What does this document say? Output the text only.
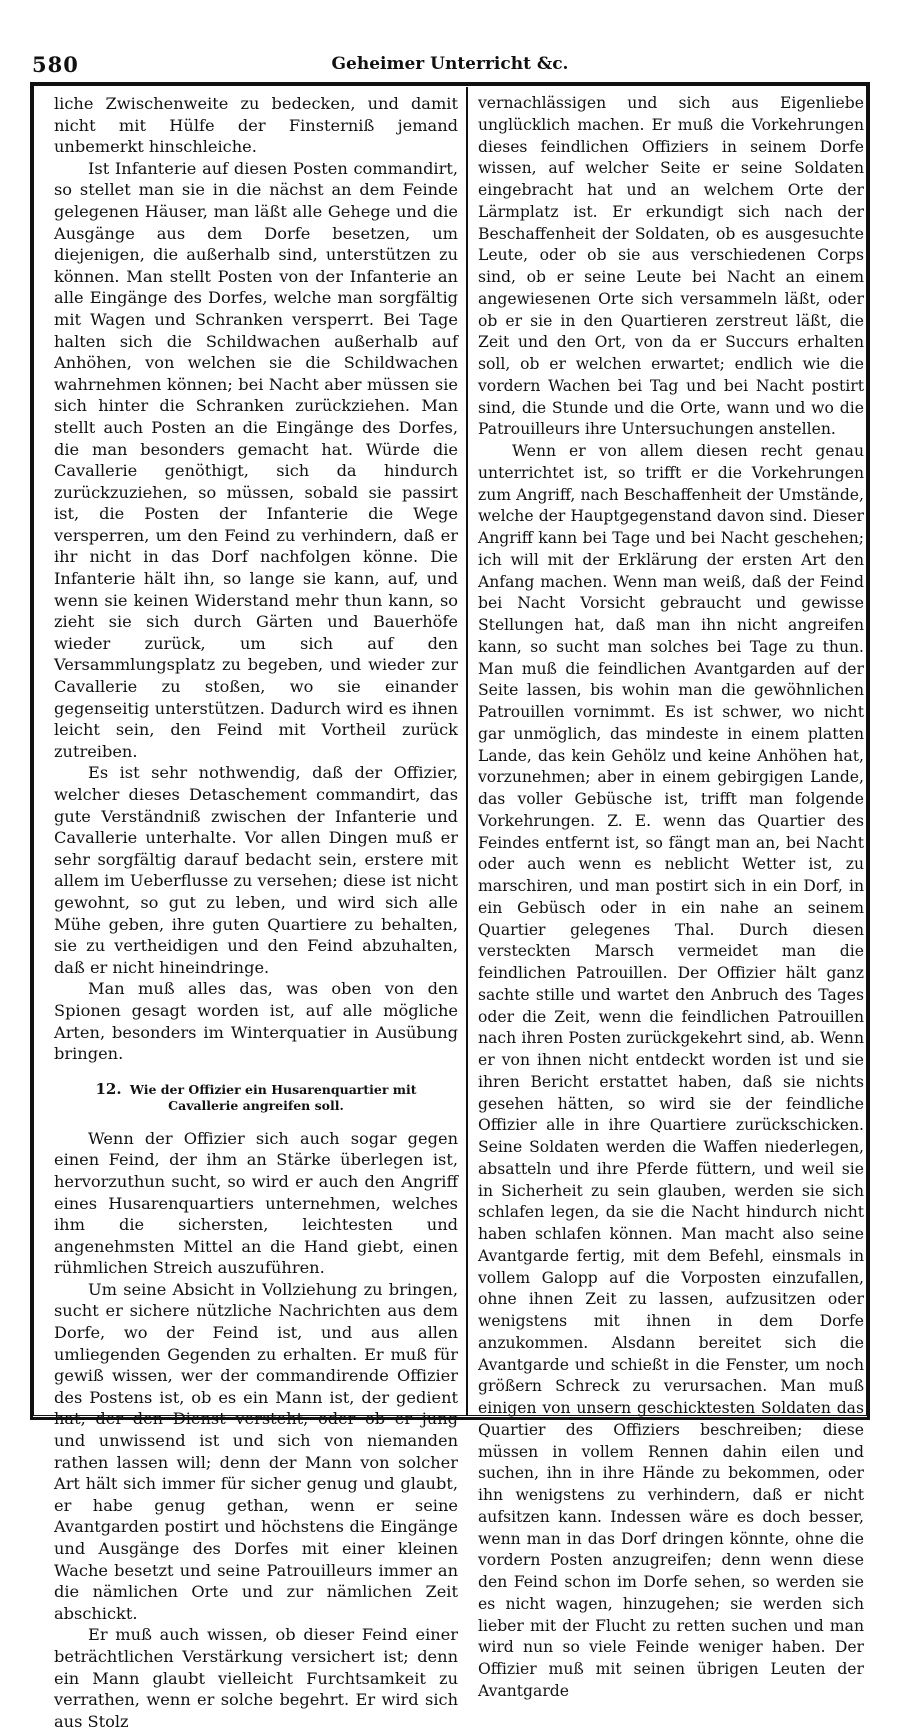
580	Geheimer Unterricht &c.

liche Zwischenweite zu bedecken, und damit nicht mit Hülfe der Finsterniß jemand unbemerkt hinschleiche.

Ist Infanterie auf diesen Posten commandirt, so stellet man sie in die nächst an dem Feinde gelegenen Häuser, man läßt alle Gehege und die Ausgänge aus dem Dorfe besetzen, um diejenigen, die außerhalb sind, unterstützen zu können. Man stellt Posten von der Infanterie an alle Eingänge des Dorfes, welche man sorgfältig mit Wagen und Schranken versperrt. Bei Tage halten sich die Schildwachen außerhalb auf Anhöhen, von welchen sie die Schildwachen wahrnehmen können; bei Nacht aber müssen sie sich hinter die Schranken zurückziehen. Man stellt auch Posten an die Eingänge des Dorfes, die man besonders gemacht hat. Würde die Cavallerie genöthigt, sich da hindurch zurückzuziehen, so müssen, sobald sie passirt ist, die Posten der Infanterie die Wege versperren, um den Feind zu verhindern, daß er ihr nicht in das Dorf nachfolgen könne. Die Infanterie hält ihn, so lange sie kann, auf, und wenn sie keinen Widerstand mehr thun kann, so zieht sie sich durch Gärten und Bauerhöfe wieder zurück, um sich auf den Versammlungsplatz zu begeben, und wieder zur Cavallerie zu stoßen, wo sie einander gegenseitig unterstützen. Dadurch wird es ihnen leicht sein, den Feind mit Vortheil zurück zutreiben.

Es ist sehr nothwendig, daß der Offizier, welcher dieses Detaschement commandirt, das gute Verständniß zwischen der Infanterie und Cavallerie unterhalte. Vor allen Dingen muß er sehr sorgfältig darauf bedacht sein, erstere mit allem im Ueberflusse zu versehen; diese ist nicht gewohnt, so gut zu leben, und wird sich alle Mühe geben, ihre guten Quartiere zu behalten, sie zu vertheidigen und den Feind abzuhalten, daß er nicht hineindringe.

Man muß alles das, was oben von den Spionen gesagt worden ist, auf alle mögliche Arten, besonders im Winterquatier in Ausübung bringen.

12. Wie der Offizier ein Husarenquartier mit Cavallerie angreifen soll.

Wenn der Offizier sich auch sogar gegen einen Feind, der ihm an Stärke überlegen ist, hervorzuthun sucht, so wird er auch den Angriff eines Husarenquartiers unternehmen, welches ihm die sichersten, leichtesten und angenehmsten Mittel an die Hand giebt, einen rühmlichen Streich auszuführen.

Um seine Absicht in Vollziehung zu bringen, sucht er sichere nützliche Nachrichten aus dem Dorfe, wo der Feind ist, und aus allen umliegenden Gegenden zu erhalten. Er muß für gewiß wissen, wer der commandirende Offizier des Postens ist, ob es ein Mann ist, der gedient hat, der den Dienst versteht, oder ob er jung und unwissend ist und sich von niemanden rathen lassen will; denn der Mann von solcher Art hält sich immer für sicher genug und glaubt, er habe genug gethan, wenn er seine Avantgarden postirt und höchstens die Eingänge und Ausgänge des Dorfes mit einer kleinen Wache besetzt und seine Patrouilleurs immer an die nämlichen Orte und zur nämlichen Zeit abschickt.

Er muß auch wissen, ob dieser Feind einer beträchtlichen Verstärkung versichert ist; denn ein Mann glaubt vielleicht Furchtsamkeit zu verrathen, wenn er solche begehrt. Er wird sich aus Stolz

vernachlässigen und sich aus Eigenliebe unglücklich machen. Er muß die Vorkehrungen dieses feindlichen Offiziers in seinem Dorfe wissen, auf welcher Seite er seine Soldaten eingebracht hat und an welchem Orte der Lärmplatz ist. Er erkundigt sich nach der Beschaffenheit der Soldaten, ob es ausgesuchte Leute, oder ob sie aus verschiedenen Corps sind, ob er seine Leute bei Nacht an einem angewiesenen Orte sich versammeln läßt, oder ob er sie in den Quartieren zerstreut läßt, die Zeit und den Ort, von da er Succurs erhalten soll, ob er welchen erwartet; endlich wie die vordern Wachen bei Tag und bei Nacht postirt sind, die Stunde und die Orte, wann und wo die Patrouilleurs ihre Untersuchungen anstellen.

Wenn er von allem diesen recht genau unterrichtet ist, so trifft er die Vorkehrungen zum Angriff, nach Beschaffenheit der Umstände, welche der Hauptgegenstand davon sind. Dieser Angriff kann bei Tage und bei Nacht geschehen; ich will mit der Erklärung der ersten Art den Anfang machen. Wenn man weiß, daß der Feind bei Nacht Vorsicht gebraucht und gewisse Stellungen hat, daß man ihn nicht angreifen kann, so sucht man solches bei Tage zu thun. Man muß die feindlichen Avantgarden auf der Seite lassen, bis wohin man die gewöhnlichen Patrouillen vornimmt. Es ist schwer, wo nicht gar unmöglich, das mindeste in einem platten Lande, das kein Gehölz und keine Anhöhen hat, vorzunehmen; aber in einem gebirgigen Lande, das voller Gebüsche ist, trifft man folgende Vorkehrungen. Z. E. wenn das Quartier des Feindes entfernt ist, so fängt man an, bei Nacht oder auch wenn es neblicht Wetter ist, zu marschiren, und man postirt sich in ein Dorf, in ein Gebüsch oder in ein nahe an seinem Quartier gelegenes Thal. Durch diesen versteckten Marsch vermeidet man die feindlichen Patrouillen. Der Offizier hält ganz sachte stille und wartet den Anbruch des Tages oder die Zeit, wenn die feindlichen Patrouillen nach ihren Posten zurückgekehrt sind, ab. Wenn er von ihnen nicht entdeckt worden ist und sie ihren Bericht erstattet haben, daß sie nichts gesehen hätten, so wird sie der feindliche Offizier alle in ihre Quartiere zurückschicken. Seine Soldaten werden die Waffen niederlegen, absatteln und ihre Pferde füttern, und weil sie in Sicherheit zu sein glauben, werden sie sich schlafen legen, da sie die Nacht hindurch nicht haben schlafen können. Man macht also seine Avantgarde fertig, mit dem Befehl, einsmals in vollem Galopp auf die Vorposten einzufallen, ohne ihnen Zeit zu lassen, aufzusitzen oder wenigstens mit ihnen in dem Dorfe anzukommen. Alsdann bereitet sich die Avantgarde und schießt in die Fenster, um noch größern Schreck zu verursachen. Man muß einigen von unsern geschicktesten Soldaten das Quartier des Offiziers beschreiben; diese müssen in vollem Rennen dahin eilen und suchen, ihn in ihre Hände zu bekommen, oder ihn wenigstens zu verhindern, daß er nicht aufsitzen kann. Indessen wäre es doch besser, wenn man in das Dorf dringen könnte, ohne die vordern Posten anzugreifen; denn wenn diese den Feind schon im Dorfe sehen, so werden sie es nicht wagen, hinzugehen; sie werden sich lieber mit der Flucht zu retten suchen und man wird nun so viele Feinde weniger haben. Der Offizier muß mit seinen übrigen Leuten der Avantgarde
